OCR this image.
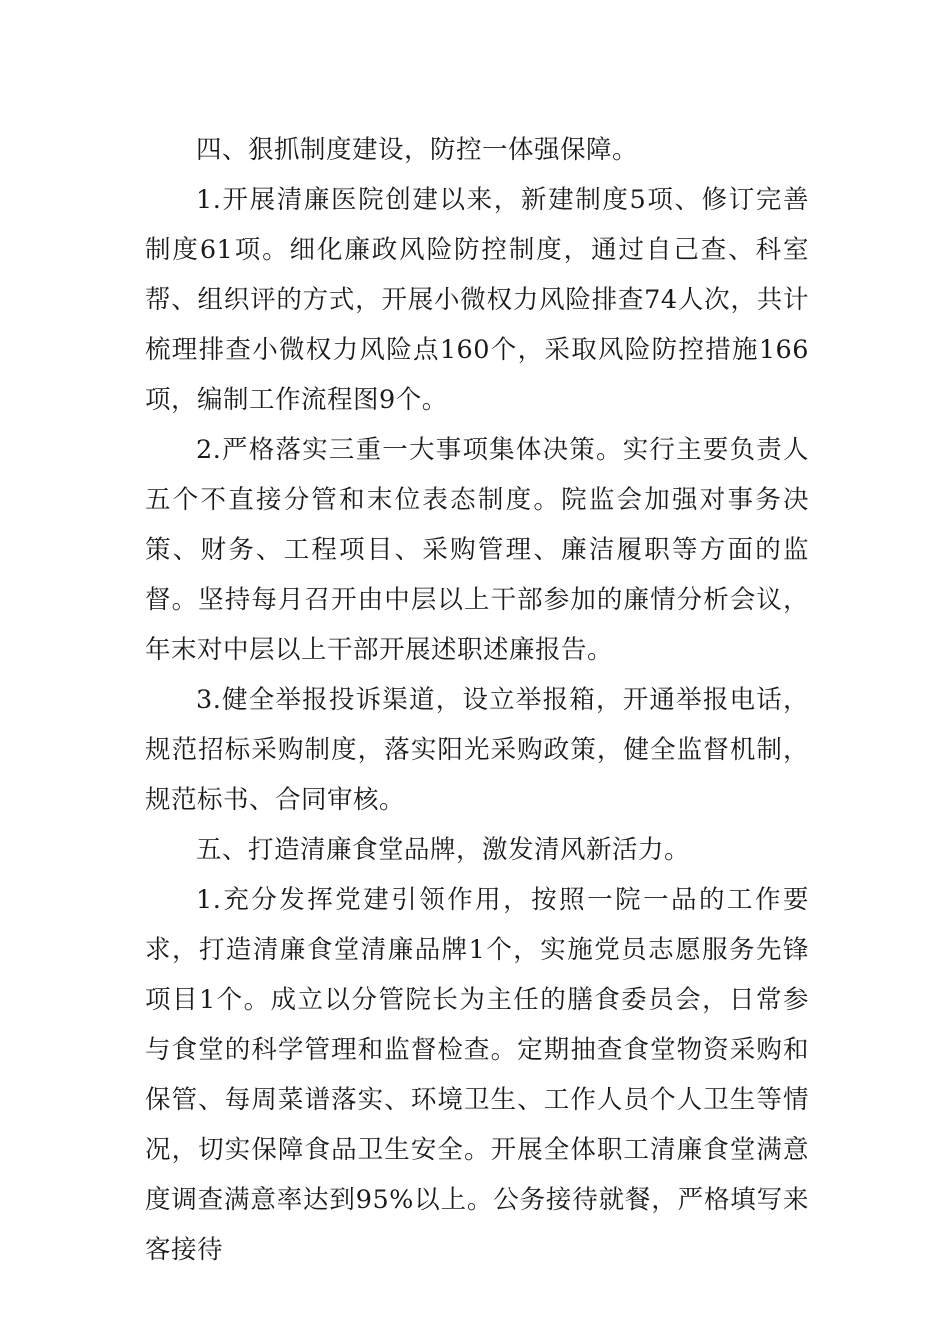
四、狠抓制度建设，防控一体强保障。

1.开展清廉医院创建以来，新建制度5项、修订完善制度61项。细化廉政风险防控制度，通过自己查、科室帮、组织评的方式，开展小微权力风险排查74人次，共计梳理排查小微权力风险点160个，采取风险防控措施166项，编制工作流程图9个。

2.严格落实三重一大事项集体决策。实行主要负责人五个不直接分管和末位表态制度。院监会加强对事务决策、财务、工程项目、采购管理、廉洁履职等方面的监督。坚持每月召开由中层以上干部参加的廉情分析会议，年末对中层以上干部开展述职述廉报告。

3.健全举报投诉渠道，设立举报箱，开通举报电话，规范招标采购制度，落实阳光采购政策，健全监督机制，规范标书、合同审核。

五、打造清廉食堂品牌，激发清风新活力。

1.充分发挥党建引领作用，按照一院一品的工作要求，打造清廉食堂清廉品牌1个，实施党员志愿服务先锋项目1个。成立以分管院长为主任的膳食委员会，日常参与食堂的科学管理和监督检查。定期抽查食堂物资采购和保管、每周菜谱落实、环境卫生、工作人员个人卫生等情况，切实保障食品卫生安全。开展全体职工清廉食堂满意度调查满意率达到95%以上。公务接待就餐，严格填写来客接待
